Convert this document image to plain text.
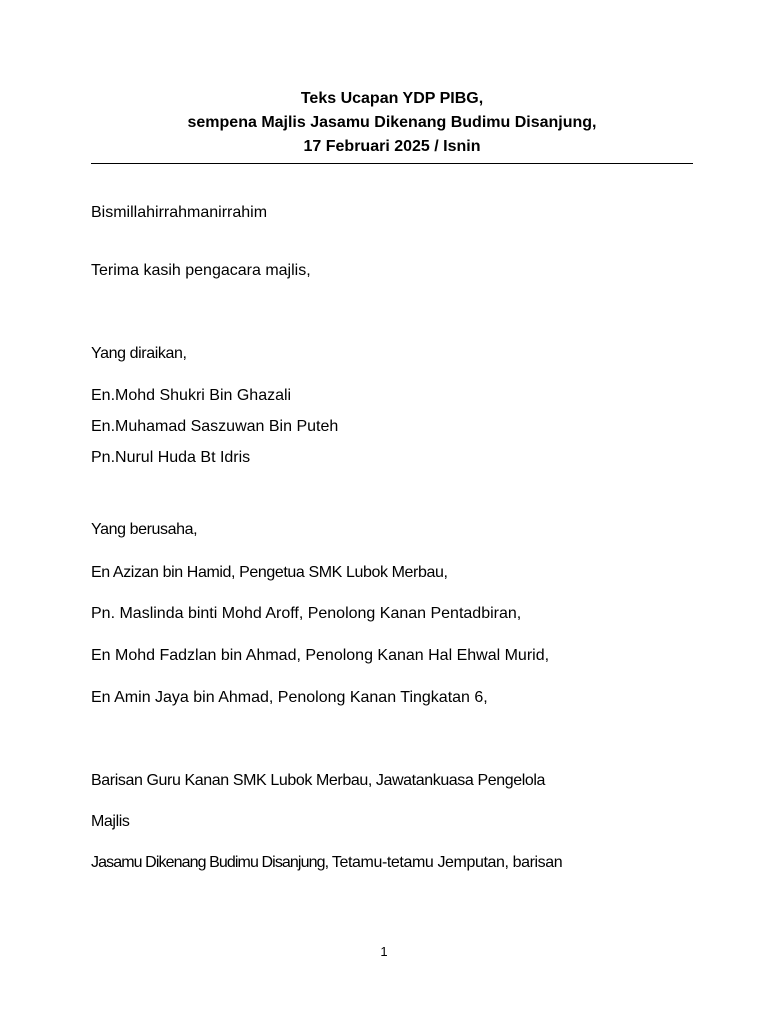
Teks Ucapan YDP PIBG,
sempena Majlis Jasamu Dikenang Budimu Disanjung,
17 Februari 2025 / Isnin
Bismillahirrahmanirrahim
Terima kasih pengacara majlis,
Yang diraikan,
En.Mohd Shukri Bin Ghazali
En.Muhamad Saszuwan Bin Puteh
Pn.Nurul Huda Bt Idris
Yang berusaha,
En Azizan bin Hamid, Pengetua SMK Lubok Merbau,
Pn. Maslinda binti Mohd Aroff, Penolong Kanan Pentadbiran,
En Mohd Fadzlan bin Ahmad, Penolong Kanan Hal Ehwal Murid,
En Amin Jaya bin Ahmad, Penolong Kanan Tingkatan 6,
Barisan Guru Kanan SMK Lubok Merbau, Jawatankuasa Pengelola
Majlis
Jasamu Dikenang Budimu Disanjung, Tetamu-tetamu Jemputan, barisan
1
